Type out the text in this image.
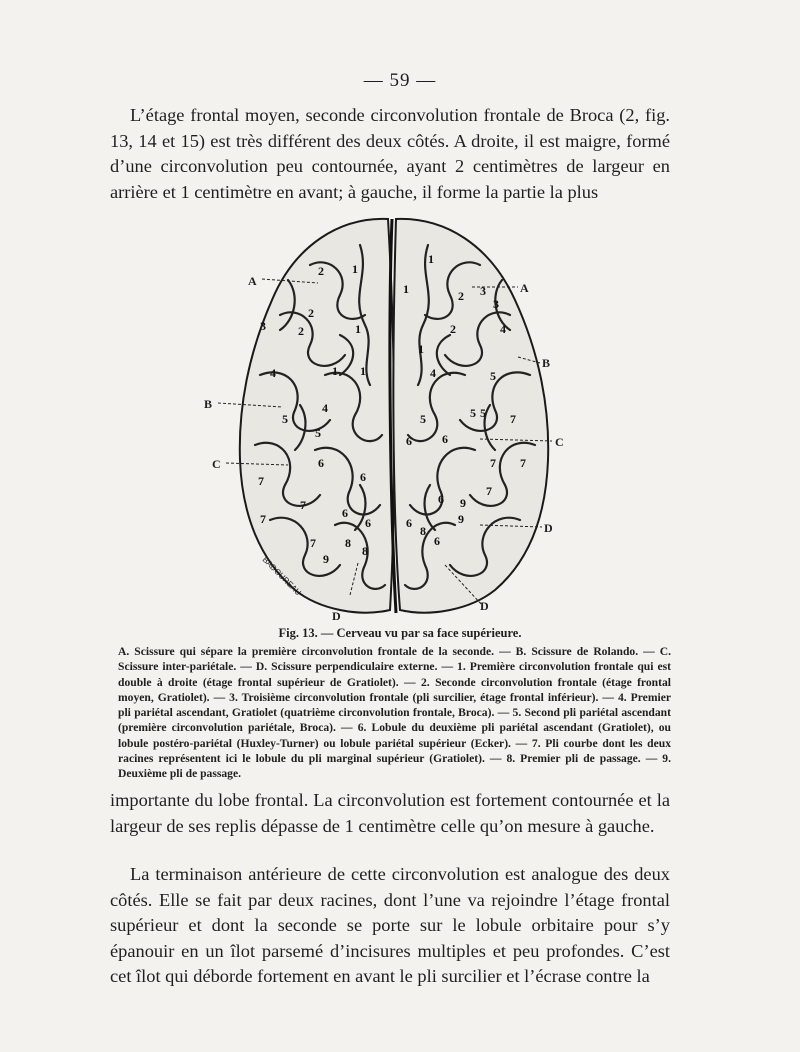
— 59 —

L’étage frontal moyen, seconde circonvolution frontale de Broca (2, fig. 13, 14 et 15) est très différent des deux côtés. A droite, il est maigre, formé d’une circonvolution peu contournée, ayant 2 centimètres de largeur en arrière et 1 centimètre en avant; à gauche, il forme la partie la plus

2 1
2
3	2	1
4	1 1
5
4
5
6
6
7
7
6
7
7
9
8
6
8
1
1	2 3
3
2	4
1
4	5
5	5 5 7
6	6
7 7
6 9
7
6
8
6
9
A	A
B
B
C
C
D
D
D
BADOUREAU
Fig. 13. — Cerveau vu par sa face supérieure.

A. Scissure qui sépare la première circonvolution frontale de la seconde. — B. Scissure de Rolando. — C. Scissure inter-pariétale. — D. Scissure perpendiculaire externe. — 1. Première circonvolution frontale qui est double à droite (étage frontal supérieur de Gratiolet). — 2. Seconde circonvolution frontale (étage frontal moyen, Gratiolet). — 3. Troisième circonvolution frontale (pli surcilier, étage frontal inférieur). — 4. Premier pli pariétal ascendant, Gratiolet (quatrième circonvolution frontale, Broca). — 5. Second pli pariétal ascendant (première circonvolution pariétale, Broca). — 6. Lobule du deuxième pli pariétal ascendant (Gratiolet), ou lobule postéro-pariétal (Huxley-Turner) ou lobule pariétal supérieur (Ecker). — 7. Pli courbe dont les deux racines représentent ici le lobule du pli marginal supérieur (Gratiolet). — 8. Premier pli de passage. — 9. Deuxième pli de passage.

importante du lobe frontal. La circonvolution est fortement contournée et la largeur de ses replis dépasse de 1 centimètre celle qu’on mesure à gauche.

La terminaison antérieure de cette circonvolution est analogue des deux côtés. Elle se fait par deux racines, dont l’une va rejoindre l’étage frontal supérieur et dont la seconde se porte sur le lobule orbitaire pour s’y épanouir en un îlot parsemé d’incisures multiples et peu profondes. C’est cet îlot qui déborde fortement en avant le pli surcilier et l’écrase contre la
